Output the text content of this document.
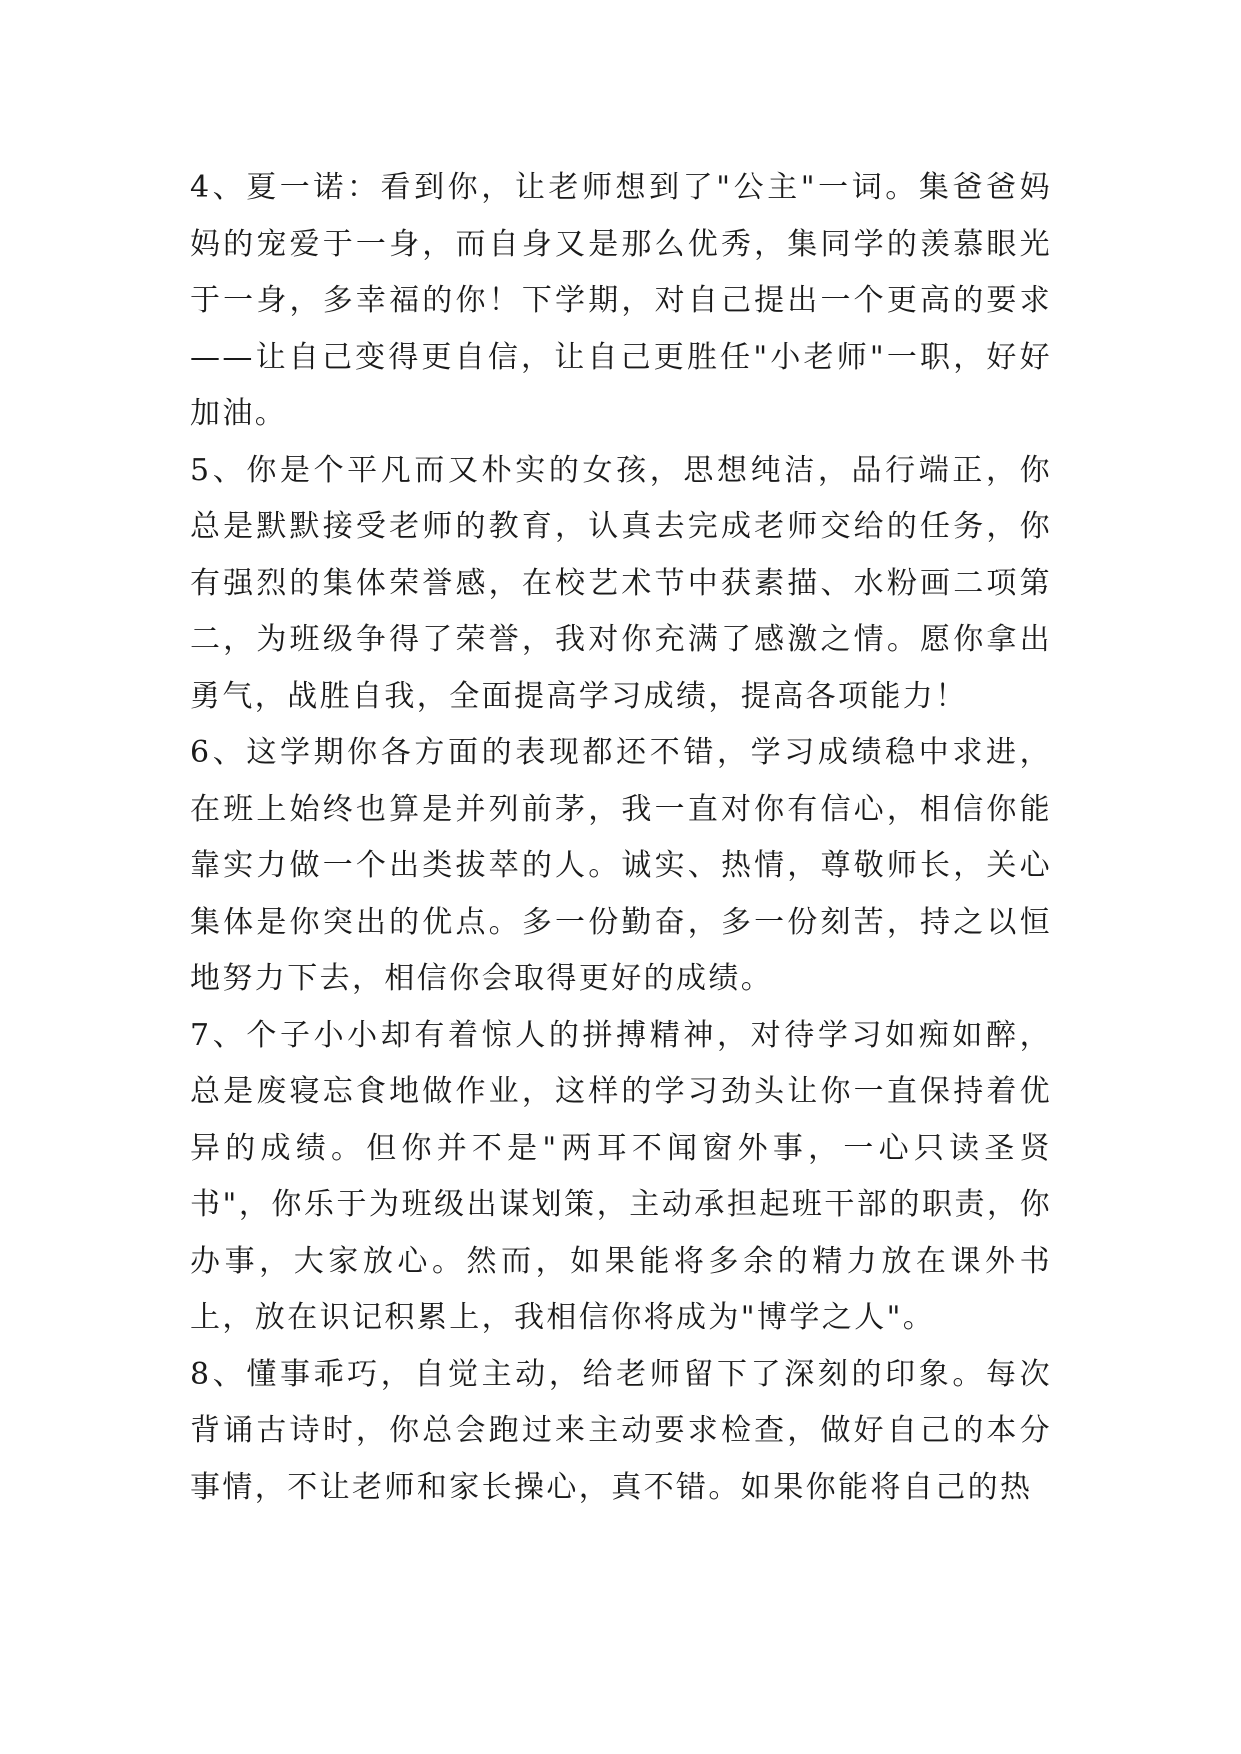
4、夏一诺：看到你，让老师想到了"公主"一词。集爸爸妈妈的宠爱于一身，而自身又是那么优秀，集同学的羡慕眼光于一身，多幸福的你！下学期，对自己提出一个更高的要求——让自己变得更自信，让自己更胜任"小老师"一职，好好加油。

5、你是个平凡而又朴实的女孩，思想纯洁，品行端正，你总是默默接受老师的教育，认真去完成老师交给的任务，你有强烈的集体荣誉感，在校艺术节中获素描、水粉画二项第二，为班级争得了荣誉，我对你充满了感激之情。愿你拿出勇气，战胜自我，全面提高学习成绩，提高各项能力！

6、这学期你各方面的表现都还不错，学习成绩稳中求进，在班上始终也算是并列前茅，我一直对你有信心，相信你能靠实力做一个出类拔萃的人。诚实、热情，尊敬师长，关心集体是你突出的优点。多一份勤奋，多一份刻苦，持之以恒地努力下去，相信你会取得更好的成绩。

7、个子小小却有着惊人的拼搏精神，对待学习如痴如醉，总是废寝忘食地做作业，这样的学习劲头让你一直保持着优异的成绩。但你并不是"两耳不闻窗外事，一心只读圣贤书"，你乐于为班级出谋划策，主动承担起班干部的职责，你办事，大家放心。然而，如果能将多余的精力放在课外书上，放在识记积累上，我相信你将成为"博学之人"。

8、懂事乖巧，自觉主动，给老师留下了深刻的印象。每次背诵古诗时，你总会跑过来主动要求检查，做好自己的本分事情，不让老师和家长操心，真不错。如果你能将自己的热
